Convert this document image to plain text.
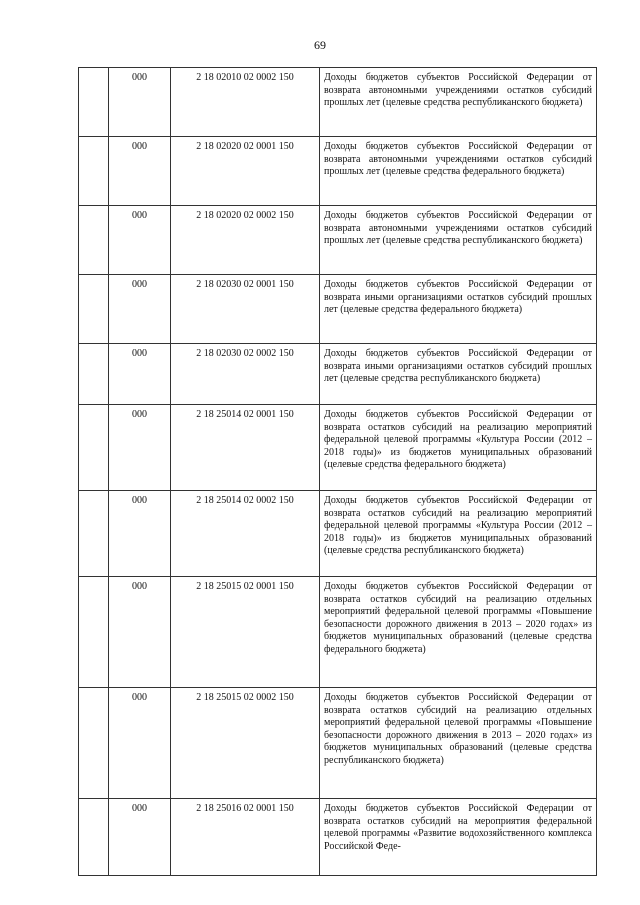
69
	000	2 18 02010 02 0002 150	Доходы бюджетов субъектов Российской Федерации от возврата автономными учреждениями остатков субсидий прошлых лет (целевые средства республиканского бюджета)
	000	2 18 02020 02 0001 150	Доходы бюджетов субъектов Российской Федерации от возврата автономными учреждениями остатков субсидий прошлых лет (целевые средства федерального бюджета)
	000	2 18 02020 02 0002 150	Доходы бюджетов субъектов Российской Федерации от возврата автономными учреждениями остатков субсидий прошлых лет (целевые средства республиканского бюджета)
	000	2 18 02030 02 0001 150	Доходы бюджетов субъектов Российской Федерации от возврата иными организациями остатков субсидий прошлых лет (целевые средства федерального бюджета)
	000	2 18 02030 02 0002 150	Доходы бюджетов субъектов Российской Федерации от возврата иными организациями остатков субсидий прошлых лет (целевые средства республиканского бюджета)
	000	2 18 25014 02 0001 150	Доходы бюджетов субъектов Российской Федерации от возврата остатков субсидий на реализацию мероприятий федеральной целевой программы «Культура России (2012 – 2018 годы)» из бюджетов муниципальных образований (целевые средства федерального бюджета)
	000	2 18 25014 02 0002 150	Доходы бюджетов субъектов Российской Федерации от возврата остатков субсидий на реализацию мероприятий федеральной целевой программы «Культура России (2012 – 2018 годы)» из бюджетов муниципальных образований (целевые средства республиканского бюджета)
	000	2 18 25015 02 0001 150	Доходы бюджетов субъектов Российской Федерации от возврата остатков субсидий на реализацию отдельных мероприятий федеральной целевой программы «Повышение безопасности дорожного движения в 2013 – 2020 годах» из бюджетов муниципальных образований (целевые средства федерального бюджета)
	000	2 18 25015 02 0002 150	Доходы бюджетов субъектов Российской Федерации от возврата остатков субсидий на реализацию отдельных мероприятий федеральной целевой программы «Повышение безопасности дорожного движения в 2013 – 2020 годах» из бюджетов муниципальных образований (целевые средства республиканского бюджета)
	000	2 18 25016 02 0001 150	Доходы бюджетов субъектов Российской Федерации от возврата остатков субсидий на мероприятия федеральной целевой программы «Развитие водохозяйственного комплекса Российской Феде-
